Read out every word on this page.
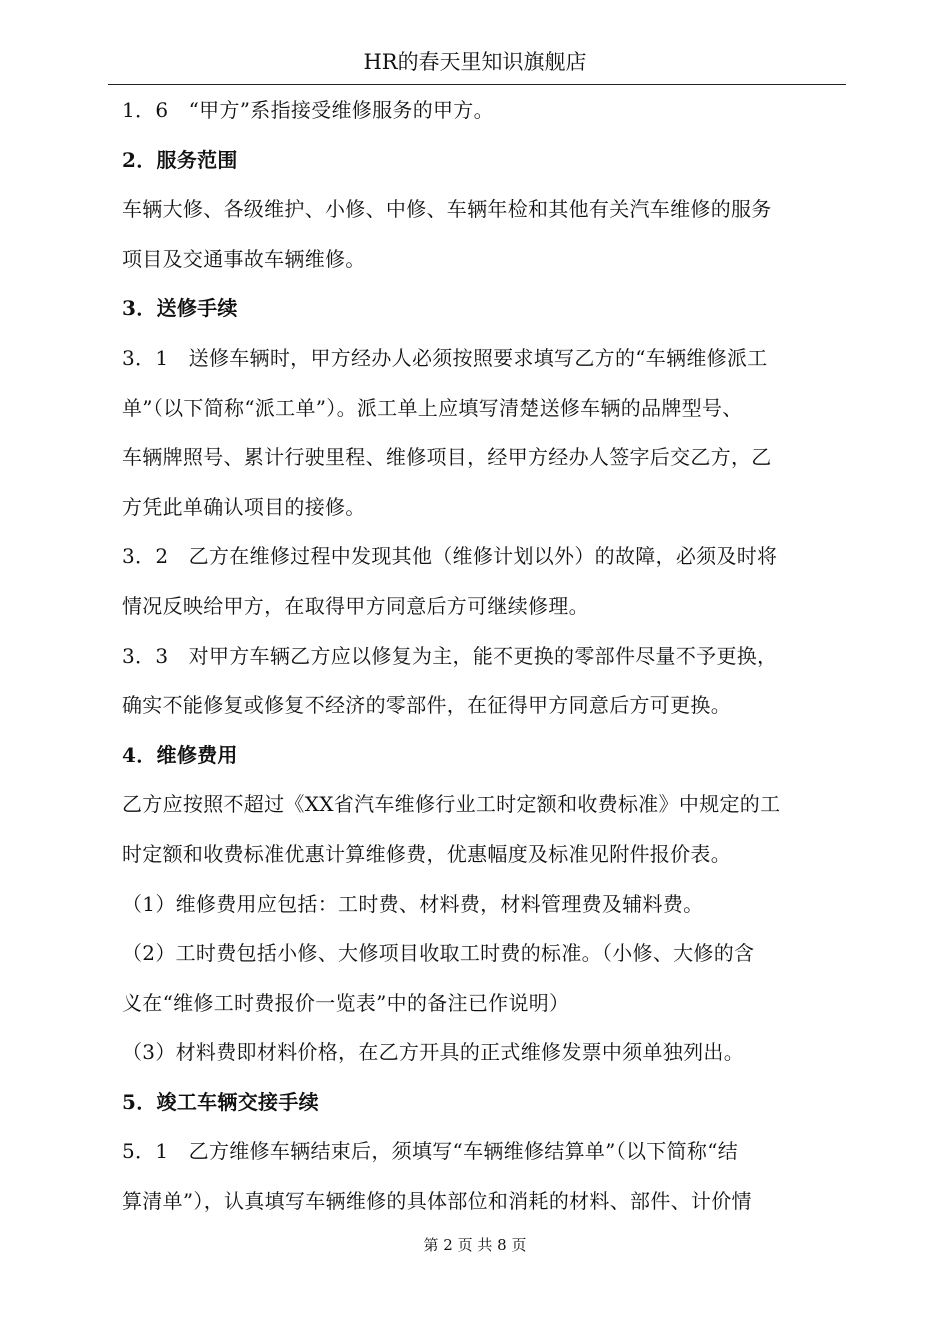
HR的春天里知识旗舰店
1．6　“甲方”系指接受维修服务的甲方。
2．服务范围
车辆大修、各级维护、小修、中修、车辆年检和其他有关汽车维修的服务
项目及交通事故车辆维修。
3．送修手续
3．1　送修车辆时，甲方经办人必须按照要求填写乙方的“车辆维修派工
单”（以下简称“派工单”）。派工单上应填写清楚送修车辆的品牌型号、
车辆牌照号、累计行驶里程、维修项目，经甲方经办人签字后交乙方，乙
方凭此单确认项目的接修。
3．2　乙方在维修过程中发现其他（维修计划以外）的故障，必须及时将
情况反映给甲方，在取得甲方同意后方可继续修理。
3．3　对甲方车辆乙方应以修复为主，能不更换的零部件尽量不予更换，
确实不能修复或修复不经济的零部件，在征得甲方同意后方可更换。
4．维修费用
乙方应按照不超过《XX省汽车维修行业工时定额和收费标准》中规定的工
时定额和收费标准优惠计算维修费，优惠幅度及标准见附件报价表。
（1）维修费用应包括：工时费、材料费，材料管理费及辅料费。
（2）工时费包括小修、大修项目收取工时费的标准。（小修、大修的含
义在“维修工时费报价一览表”中的备注已作说明）
（3）材料费即材料价格，在乙方开具的正式维修发票中须单独列出。
5．竣工车辆交接手续
5．1　乙方维修车辆结束后，须填写“车辆维修结算单”（以下简称“结
算清单”），认真填写车辆维修的具体部位和消耗的材料、部件、计价情
第 2 页 共 8 页
